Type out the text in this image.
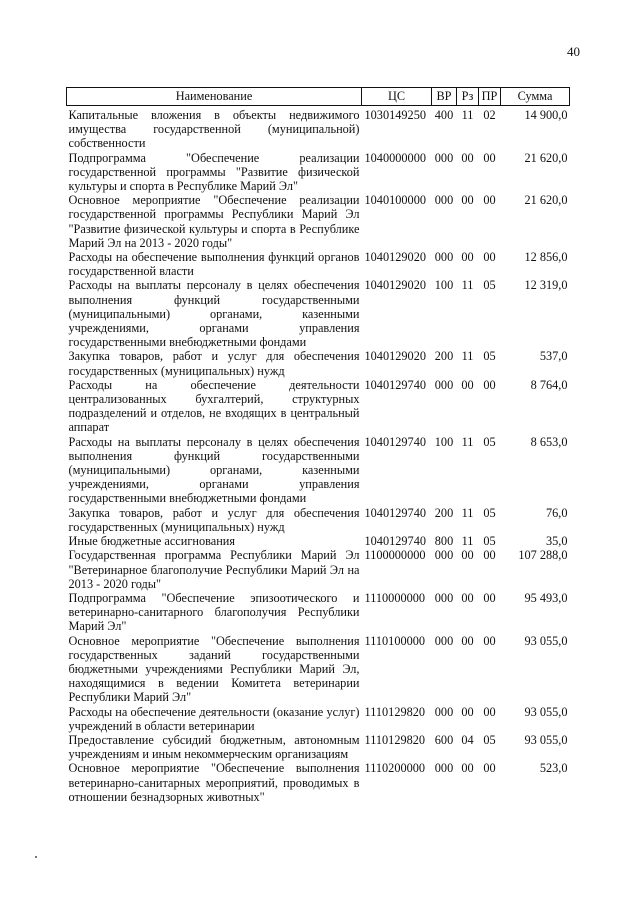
40
Наименование	ЦС	ВР	Рз	ПР	Сумма
Капитальные вложения в объекты недвижимого имущества государственной (муниципальной) собственности	1030149250	400	11	02	14 900,0
Подпрограмма "Обеспечение реализации государственной программы "Развитие физической культуры и спорта в Республике Марий Эл"	1040000000	000	00	00	21 620,0
Основное мероприятие "Обеспечение реализации государственной программы Республики Марий Эл "Развитие физической культуры и спорта в Республике Марий Эл на 2013 - 2020 годы"	1040100000	000	00	00	21 620,0
Расходы на обеспечение выполнения функций органов государственной власти	1040129020	000	00	00	12 856,0
Расходы на выплаты персоналу в целях обеспечения выполнения функций государственными (муниципальными) органами, казенными учреждениями, органами управления государственными внебюджетными фондами	1040129020	100	11	05	12 319,0
Закупка товаров, работ и услуг для обеспечения государственных (муниципальных) нужд	1040129020	200	11	05	537,0
Расходы на обеспечение деятельности централизованных бухгалтерий, структурных подразделений и отделов, не входящих в центральный аппарат	1040129740	000	00	00	8 764,0
Расходы на выплаты персоналу в целях обеспечения выполнения функций государственными (муниципальными) органами, казенными учреждениями, органами управления государственными внебюджетными фондами	1040129740	100	11	05	8 653,0
Закупка товаров, работ и услуг для обеспечения государственных (муниципальных) нужд	1040129740	200	11	05	76,0
Иные бюджетные ассигнования	1040129740	800	11	05	35,0
Государственная программа Республики Марий Эл "Ветеринарное благополучие Республики Марий Эл на 2013 - 2020 годы"	1100000000	000	00	00	107 288,0
Подпрограмма "Обеспечение эпизоотического и ветеринарно-санитарного благополучия Республики Марий Эл"	1110000000	000	00	00	95 493,0
Основное мероприятие "Обеспечение выполнения государственных заданий государственными бюджетными учреждениями Республики Марий Эл, находящимися в ведении Комитета ветеринарии Республики Марий Эл"	1110100000	000	00	00	93 055,0
Расходы на обеспечение деятельности (оказание услуг) учреждений в области ветеринарии	1110129820	000	00	00	93 055,0
Предоставление субсидий бюджетным, автономным учреждениям и иным некоммерческим организациям	1110129820	600	04	05	93 055,0
Основное мероприятие "Обеспечение выполнения ветеринарно-санитарных мероприятий, проводимых в отношении безнадзорных животных"	1110200000	000	00	00	523,0
